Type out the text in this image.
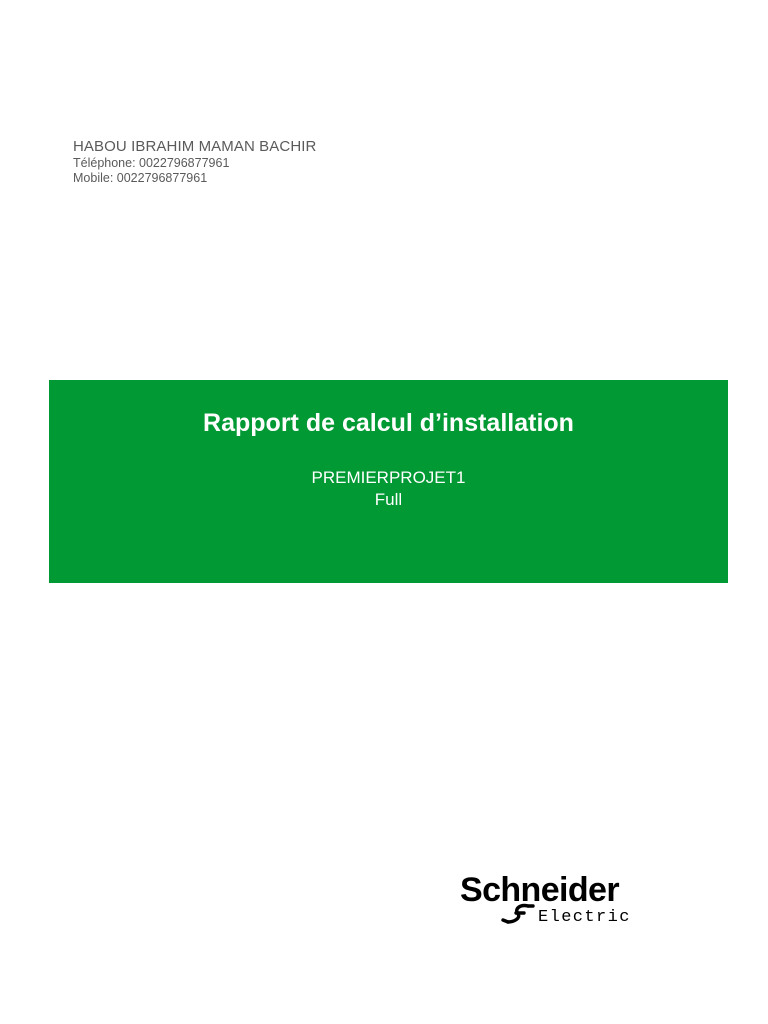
HABOU IBRAHIM MAMAN BACHIR
Téléphone: 0022796877961
Mobile: 0022796877961
Rapport de calcul d’installation
PREMIERPROJET1
Full
Schneider
Electric
